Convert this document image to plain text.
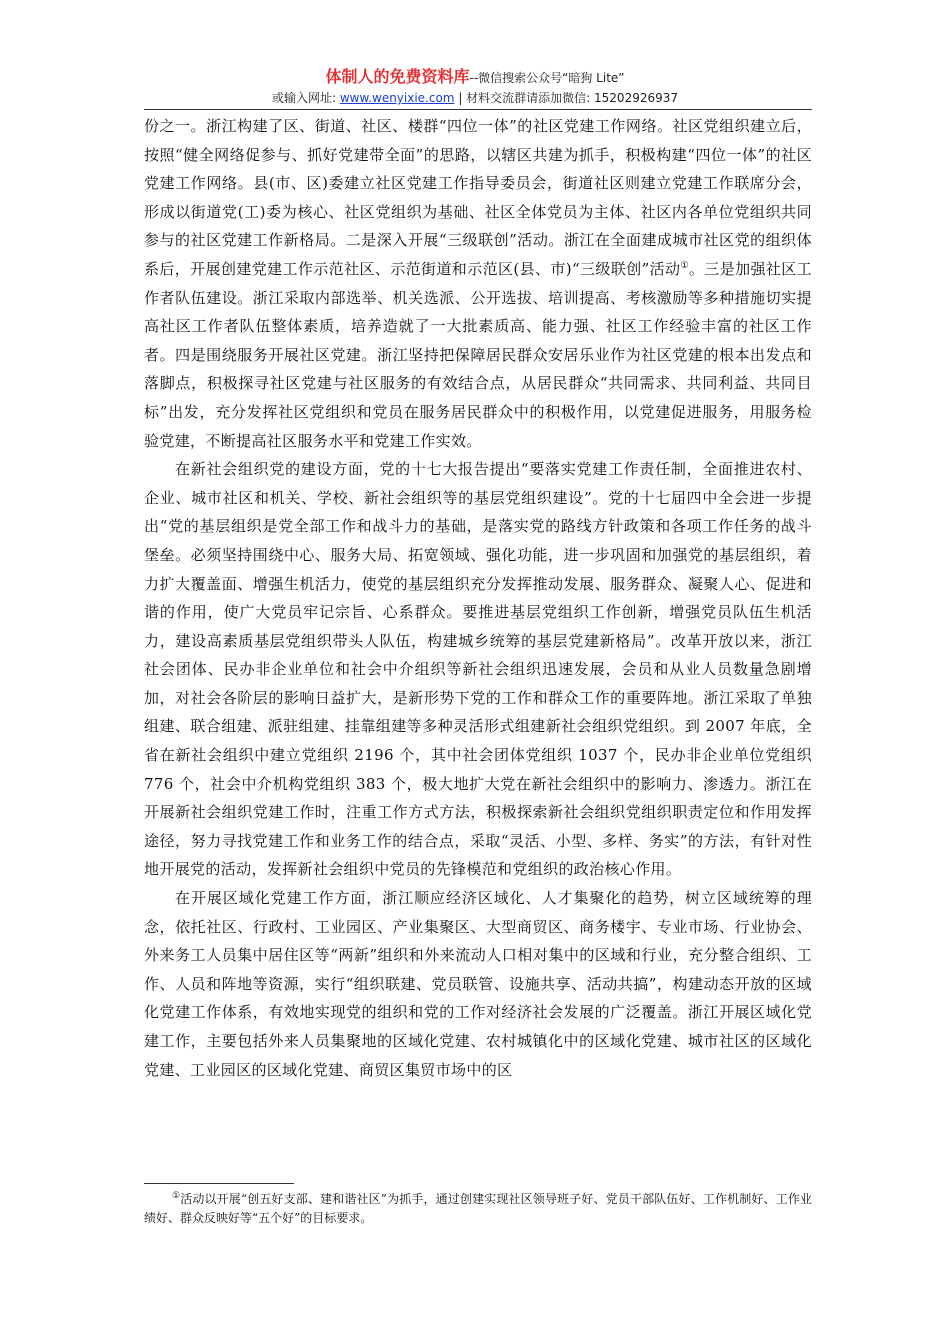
体制人的免费资料库--微信搜索公众号“暗狗 Lite”
或输入网址: www.wenyixie.com | 材料交流群请添加微信: 15202926937

份之一。浙江构建了区、街道、社区、楼群“四位一体”的社区党建工作网络。社区党组织建立后，按照“健全网络促参与、抓好党建带全面”的思路，以辖区共建为抓手，积极构建“四位一体”的社区党建工作网络。县(市、区)委建立社区党建工作指导委员会，街道社区则建立党建工作联席分会，形成以街道党(工)委为核心、社区党组织为基础、社区全体党员为主体、社区内各单位党组织共同参与的社区党建工作新格局。二是深入开展“三级联创”活动。浙江在全面建成城市社区党的组织体系后，开展创建党建工作示范社区、示范街道和示范区(县、市)“三级联创”活动①。三是加强社区工作者队伍建设。浙江采取内部选举、机关选派、公开选拔、培训提高、考核激励等多种措施切实提高社区工作者队伍整体素质，培养造就了一大批素质高、能力强、社区工作经验丰富的社区工作者。四是围绕服务开展社区党建。浙江坚持把保障居民群众安居乐业作为社区党建的根本出发点和落脚点，积极探寻社区党建与社区服务的有效结合点，从居民群众“共同需求、共同利益、共同目标”出发，充分发挥社区党组织和党员在服务居民群众中的积极作用，以党建促进服务，用服务检验党建，不断提高社区服务水平和党建工作实效。

在新社会组织党的建设方面，党的十七大报告提出“要落实党建工作责任制，全面推进农村、企业、城市社区和机关、学校、新社会组织等的基层党组织建设”。党的十七届四中全会进一步提出“党的基层组织是党全部工作和战斗力的基础，是落实党的路线方针政策和各项工作任务的战斗堡垒。必须坚持围绕中心、服务大局、拓宽领域、强化功能，进一步巩固和加强党的基层组织，着力扩大覆盖面、增强生机活力，使党的基层组织充分发挥推动发展、服务群众、凝聚人心、促进和谐的作用，使广大党员牢记宗旨、心系群众。要推进基层党组织工作创新，增强党员队伍生机活力，建设高素质基层党组织带头人队伍，构建城乡统筹的基层党建新格局”。改革开放以来，浙江社会团体、民办非企业单位和社会中介组织等新社会组织迅速发展，会员和从业人员数量急剧增加，对社会各阶层的影响日益扩大，是新形势下党的工作和群众工作的重要阵地。浙江采取了单独组建、联合组建、派驻组建、挂靠组建等多种灵活形式组建新社会组织党组织。到 2007 年底，全省在新社会组织中建立党组织 2196 个，其中社会团体党组织 1037 个，民办非企业单位党组织 776 个，社会中介机构党组织 383 个，极大地扩大党在新社会组织中的影响力、渗透力。浙江在开展新社会组织党建工作时，注重工作方式方法，积极探索新社会组织党组织职责定位和作用发挥途径，努力寻找党建工作和业务工作的结合点，采取“灵活、小型、多样、务实”的方法，有针对性地开展党的活动，发挥新社会组织中党员的先锋模范和党组织的政治核心作用。

在开展区域化党建工作方面，浙江顺应经济区域化、人才集聚化的趋势，树立区域统筹的理念，依托社区、行政村、工业园区、产业集聚区、大型商贸区、商务楼宇、专业市场、行业协会、外来务工人员集中居住区等“两新”组织和外来流动人口相对集中的区域和行业，充分整合组织、工作、人员和阵地等资源，实行“组织联建、党员联管、设施共享、活动共搞”，构建动态开放的区域化党建工作体系，有效地实现党的组织和党的工作对经济社会发展的广泛覆盖。浙江开展区域化党建工作，主要包括外来人员集聚地的区域化党建、农村城镇化中的区域化党建、城市社区的区域化党建、工业园区的区域化党建、商贸区集贸市场中的区

①活动以开展“创五好支部、建和谐社区”为抓手，通过创建实现社区领导班子好、党员干部队伍好、工作机制好、工作业绩好、群众反映好等“五个好”的目标要求。
